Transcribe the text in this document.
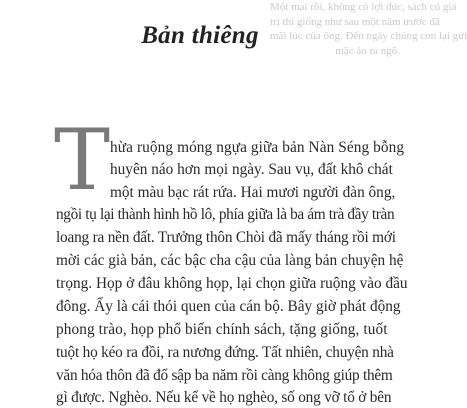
Một mai rồi, không có lợi đúc, sách có giá
trị thì giống như sau một năm trước đã
mãi lúc của ông. Đến ngày chúng con lại gửi
mặc áo ra ngõ.
Bản thiêng
T hừa ruộng móng ngựa giữa bản Nàn Séng bỗng
huyên náo hơn mọi ngày. Sau vụ, đất khô chát
một màu bạc rát rứa. Hai mươi người đàn ông,
ngồi tụ lại thành hình hồ lô, phía giữa là ba ám trà đầy tràn
loang ra nền đất. Trưởng thôn Chòi đã mấy tháng rồi mới
mời các già bản, các bậc cha cậu của làng bản chuyện hệ
trọng. Họp ở đâu không họp, lại chọn giữa ruộng vào đầu
đông. Ấy là cái thói quen của cán bộ. Bây giờ phát động
phong trào, họp phổ biến chính sách, tặng giống, tuốt
tuột họ kéo ra đồi, ra nương đứng. Tất nhiên, chuyện nhà
văn hóa thôn đã đổ sập ba năm rồi càng không giúp thêm
gì được. Nghèo. Nếu kể về họ nghèo, số ong vỡ tổ ở bên
